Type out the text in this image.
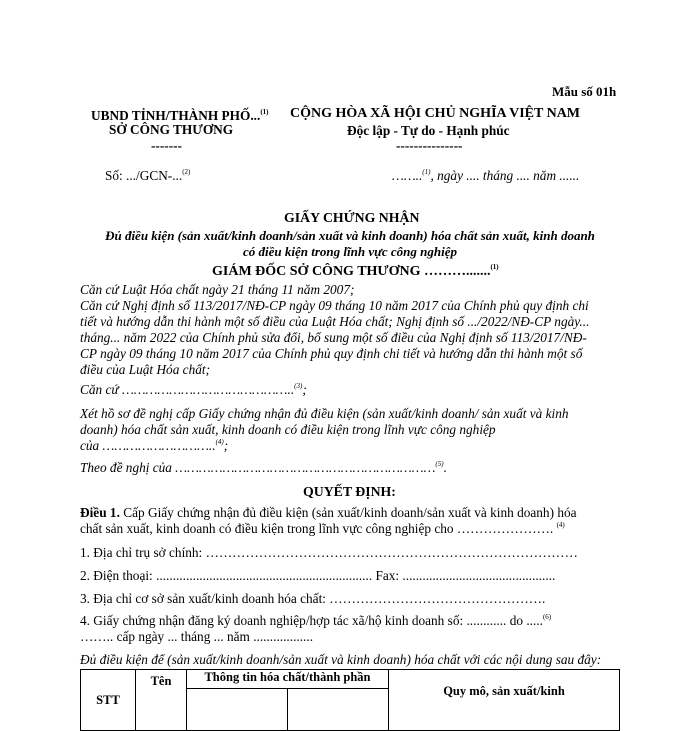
Mẫu số 01h
UBND TỈNH/THÀNH PHỐ...$^{(1)}$
SỞ CÔNG THƯƠNG
-------
Số: .../GCN-...$^{(2)}$
CỘNG HÒA XÃ HỘI CHỦ NGHĨA VIỆT NAM
Độc lập - Tự do - Hạnh phúc
---------------
……..$^{(1)}$, ngày .... tháng .... năm ......
GIẤY CHỨNG NHẬN
Đủ điều kiện (sản xuất/kinh doanh/sản xuất và kinh doanh) hóa chất sản xuất, kinh doanh
có điều kiện trong lĩnh vực công nghiệp
GIÁM ĐỐC SỞ CÔNG THƯƠNG ……….......$^{(1)}$
Căn cứ Luật Hóa chất ngày 21 tháng 11 năm 2007;
Căn cứ Nghị định số 113/2017/NĐ-CP ngày 09 tháng 10 năm 2017 của Chính phủ quy định chi
tiết và hướng dẫn thi hành một số điều của Luật Hóa chất; Nghị định số .../2022/NĐ-CP ngày...
tháng... năm 2022 của Chính phủ sửa đổi, bổ sung một số điều của Nghị định số 113/2017/NĐ-
CP ngày 09 tháng 10 năm 2017 của Chính phủ quy định chi tiết và hướng dẫn thi hành một số
điều của Luật Hóa chất;
Căn cứ ……………………………………..$^{(3)}$;
Xét hồ sơ đề nghị cấp Giấy chứng nhận đủ điều kiện (sản xuất/kinh doanh/ sản xuất và kinh
doanh) hóa chất sản xuất, kinh doanh có điều kiện trong lĩnh vực công nghiệp
của ………………………..$^{(4)}$;
Theo đề nghị của …………………………………………………………$^{(5)}$.
QUYẾT ĐỊNH:
Điều 1. Cấp Giấy chứng nhận đủ điều kiện (sản xuất/kinh doanh/sản xuất và kinh doanh) hóa
chất sản xuất, kinh doanh có điều kiện trong lĩnh vực công nghiệp cho …………………. $^{(4)}$
1. Địa chỉ trụ sở chính: …………………………………………………………………………
2. Điện thoại: ................................................................. Fax: ..............................................
3. Địa chỉ cơ sở sản xuất/kinh doanh hóa chất: ………………………………………….
4. Giấy chứng nhận đăng ký doanh nghiệp/hợp tác xã/hộ kinh doanh số: ............ do .....$^{(6)}$
…….. cấp ngày ... tháng ... năm ..................
Đủ điều kiện để (sản xuất/kinh doanh/sản xuất và kinh doanh) hóa chất với các nội dung sau đây:
STT	Tên	Thông tin hóa chất/thành phần		Quy mô, sản xuất/kinh
